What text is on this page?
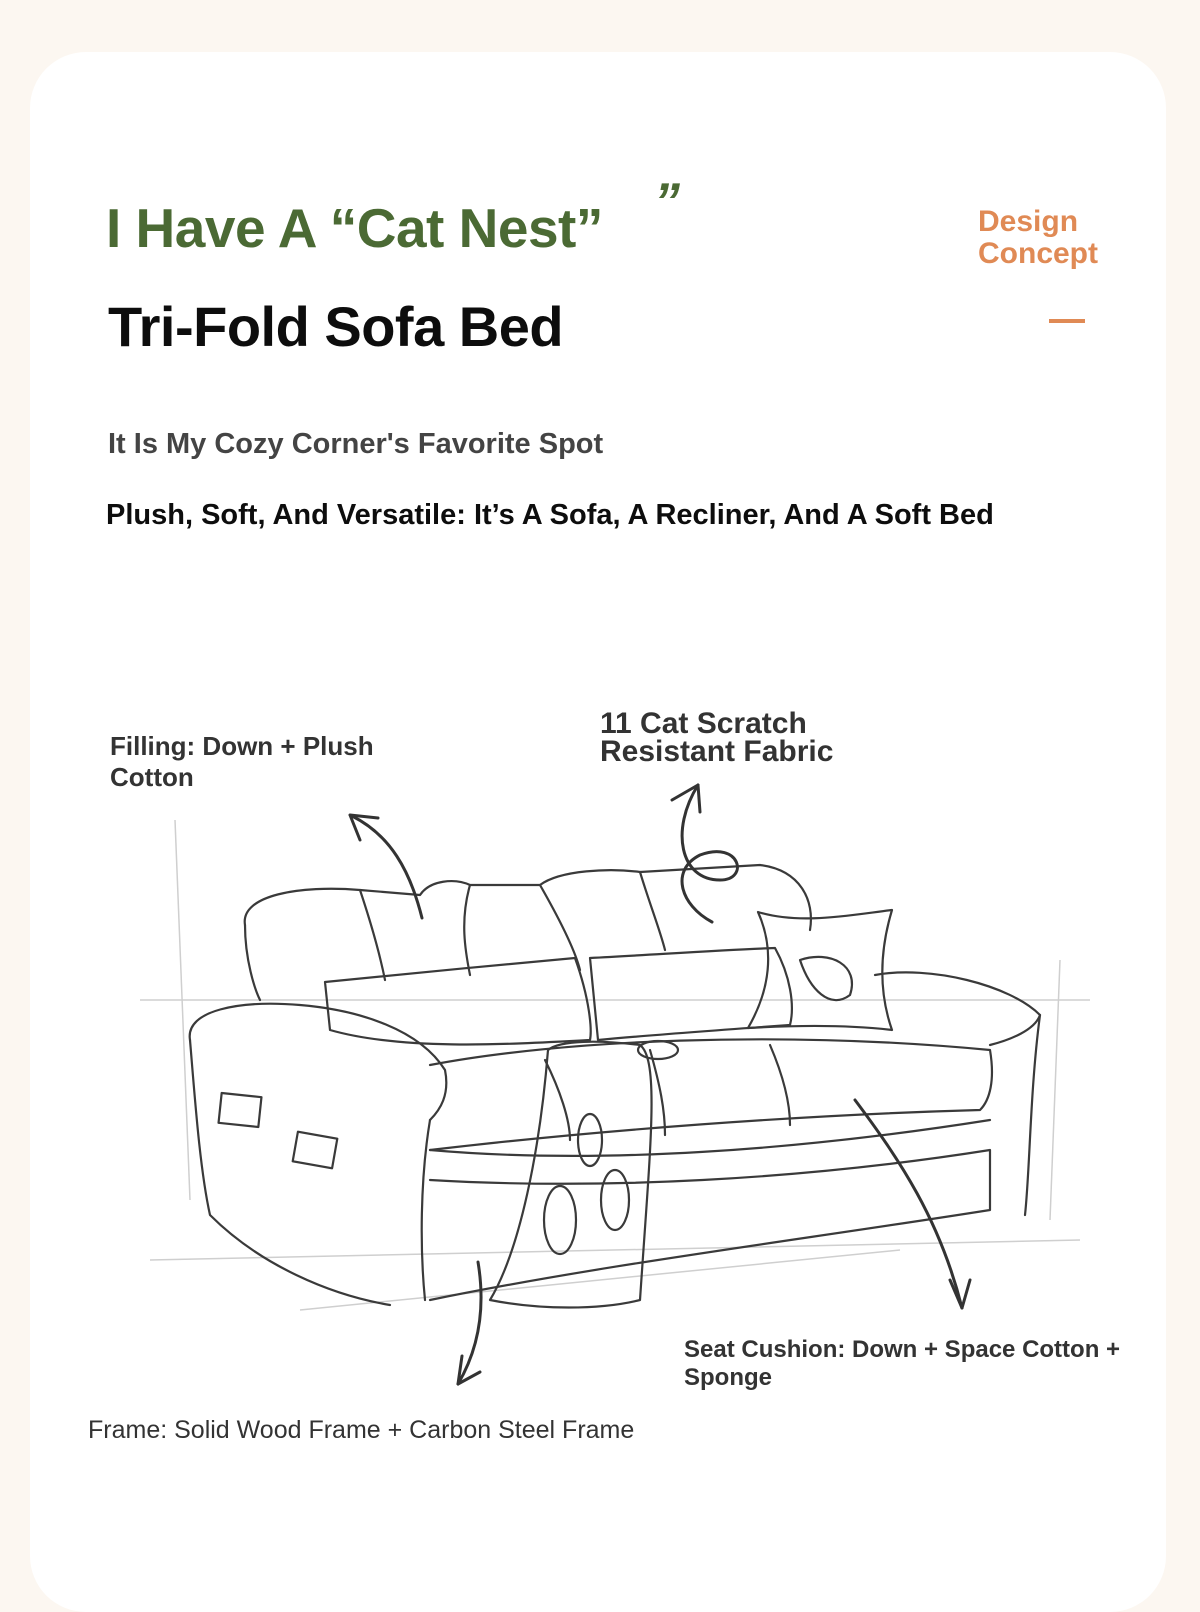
I Have A “Cat Nest” ”
Tri-Fold Sofa Bed
Design
Concept
It Is My Cozy Corner's Favorite Spot
Plush, Soft, And Versatile: It’s A Sofa, A Recliner, And A Soft Bed
Filling: Down + Plush Cotton
11 Cat Scratch
Resistant Fabric
Seat Cushion: Down + Space Cotton + Sponge
Frame: Solid Wood Frame + Carbon Steel Frame
